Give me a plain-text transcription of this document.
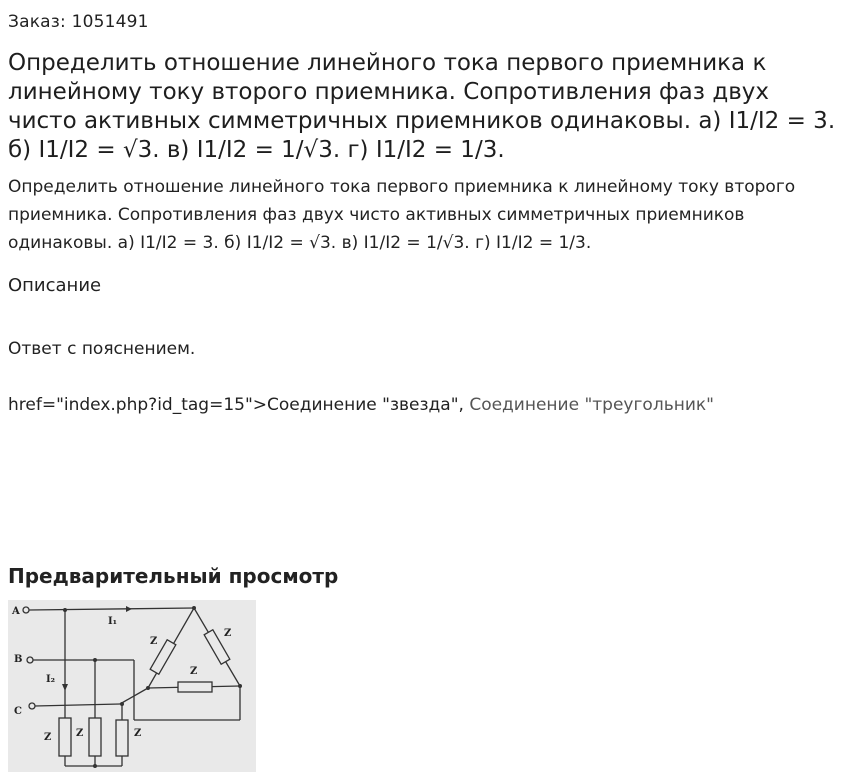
Заказ: 1051491
Определить отношение линейного тока первого приемника к линейному току второго приемника. Сопротивления фаз двух чисто активных симметричных приемников одинаковы. а) I1/I2 = 3. б) I1/I2 = √3. в) I1/I2 = 1/√3. г) I1/I2 = 1/3.

Определить отношение линейного тока первого приемника к линейному току второго приемника. Сопротивления фаз двух чисто активных симметричных приемников одинаковы. а) I1/I2 = 3. б) I1/I2 = √3. в) I1/I2 = 1/√3. г) I1/I2 = 1/3.

Описание
Ответ с пояснением.
href="index.php?id_tag=15">Соединение "звезда", Соединение "треугольник"
Предварительный просмотр
A
B
C
I₁
I₂
Z Z	Z
Z
Z
Z
